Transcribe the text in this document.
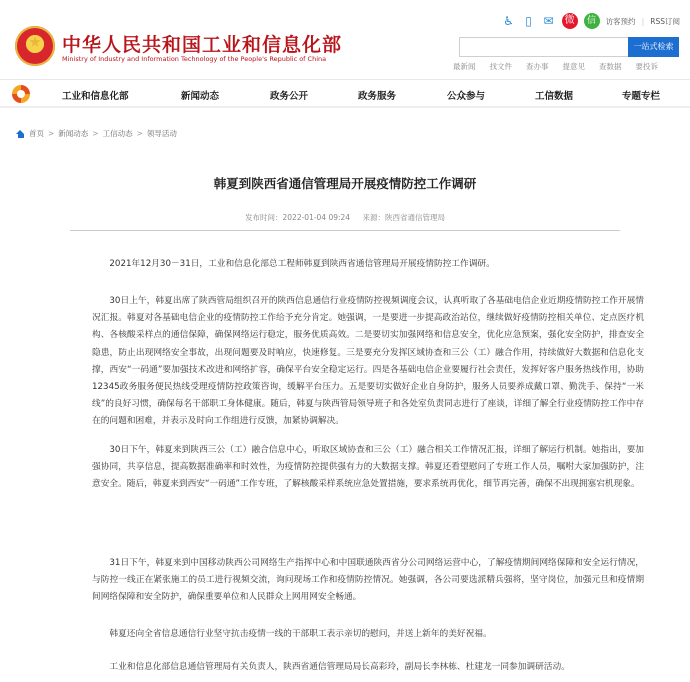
中华人民共和国工业和信息化部
Ministry of Industry and Information Technology of the People's Republic of China
♿ ▯ ✉	微	信	访客预约 | RSS订阅
一站式检索
最新闻 找文件 查办事 提意见 查数据 要投诉
工业和信息化部	新闻动态	政务公开	政务服务	公众参与	工信数据	专题专栏
首页 > 新闻动态 > 工信动态 > 领导活动
韩夏到陕西省通信管理局开展疫情防控工作调研
发布时间：2022-01-04 09:24 来源：陕西省通信管理局

2021年12月30－31日，工业和信息化部总工程师韩夏到陕西省通信管理局开展疫情防控工作调研。

30日上午，韩夏出席了陕西管局组织召开的陕西信息通信行业疫情防控视频调度会议，认真听取了各基础电信企业近期疫情防控工作开展情况汇报。韩夏对各基础电信企业的疫情防控工作给予充分肯定。她强调，一是要进一步提高政治站位，继续做好疫情防控相关单位、定点医疗机构、各核酸采样点的通信保障，确保网络运行稳定，服务优质高效。二是要切实加强网络和信息安全，优化应急预案，强化安全防护，排查安全隐患，防止出现网络安全事故，出现问题要及时响应，快速修复。三是要充分发挥区域协查和三公（工）融合作用，持续做好大数据和信息化支撑，西安“一码通”要加强技术改进和网络扩容，确保平台安全稳定运行。四是各基础电信企业要履行社会责任，发挥好客户服务热线作用，协助12345政务服务便民热线受理疫情防控政策咨询，缓解平台压力。五是要切实做好企业自身防护，服务人员要养成戴口罩、勤洗手、保持“一米线”的良好习惯，确保每名干部职工身体健康。随后，韩夏与陕西管局领导班子和各处室负责同志进行了座谈，详细了解全行业疫情防控工作中存在的问题和困难，并表示及时向工作组进行反馈，加紧协调解决。

30日下午，韩夏来到陕西三公（工）融合信息中心，听取区域协查和三公（工）融合相关工作情况汇报，详细了解运行机制。她指出，要加强协同，共享信息，提高数据准确率和时效性，为疫情防控提供强有力的大数据支撑。韩夏还看望慰问了专班工作人员，嘱咐大家加强防护，注意安全。随后，韩夏来到西安“一码通”工作专班，了解核酸采样系统应急处置措施，要求系统再优化，细节再完善，确保不出现拥塞宕机现象。

31日下午，韩夏来到中国移动陕西公司网络生产指挥中心和中国联通陕西省分公司网络运营中心，了解疫情期间网络保障和安全运行情况，与防控一线正在紧张施工的员工进行视频交流，询问现场工作和疫情防控情况。她强调，各公司要选派精兵强将，坚守岗位，加强元旦和疫情期间网络保障和安全防护，确保重要单位和人民群众上网用网安全畅通。

韩夏还向全省信息通信行业坚守抗击疫情一线的干部职工表示亲切的慰问，并送上新年的美好祝福。

工业和信息化部信息通信管理局有关负责人，陕西省通信管理局局长高彩玲，副局长李林栋、杜建龙一同参加调研活动。
